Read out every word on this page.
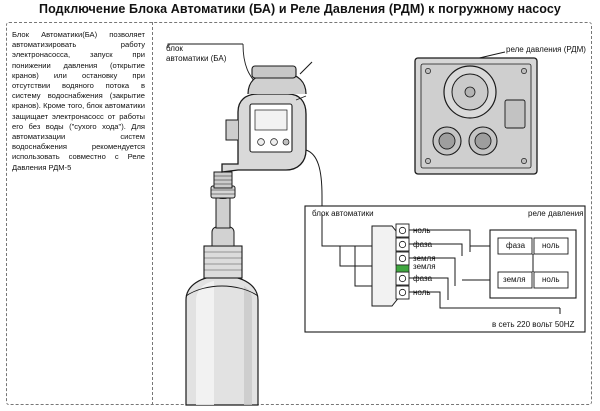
Подключение Блока Автоматики (БА) и Реле Давления (РДМ) к погружному насосу

Блок Автоматики(БА) позволяет автоматизировать работу электронасосса, запуск при понижении давления (открытие кранов) или остановку при отсутствии водяного потока в систему водоснабжения (закрытие кранов). Кроме того, блок автоматики защищает электронасосс от работы его без воды ("сухого хода"). Для автоматизации систем водоснабжения рекомендуется использовать совместно с Реле Давления РДМ-5

блок
автоматики (БА)
реле давления (РДМ)
блок автоматики	реле давления
в сеть 220 вольт 50HZ
ноль
фаза
земля
земля
фаза
ноль
фаза ноль
земля ноль
